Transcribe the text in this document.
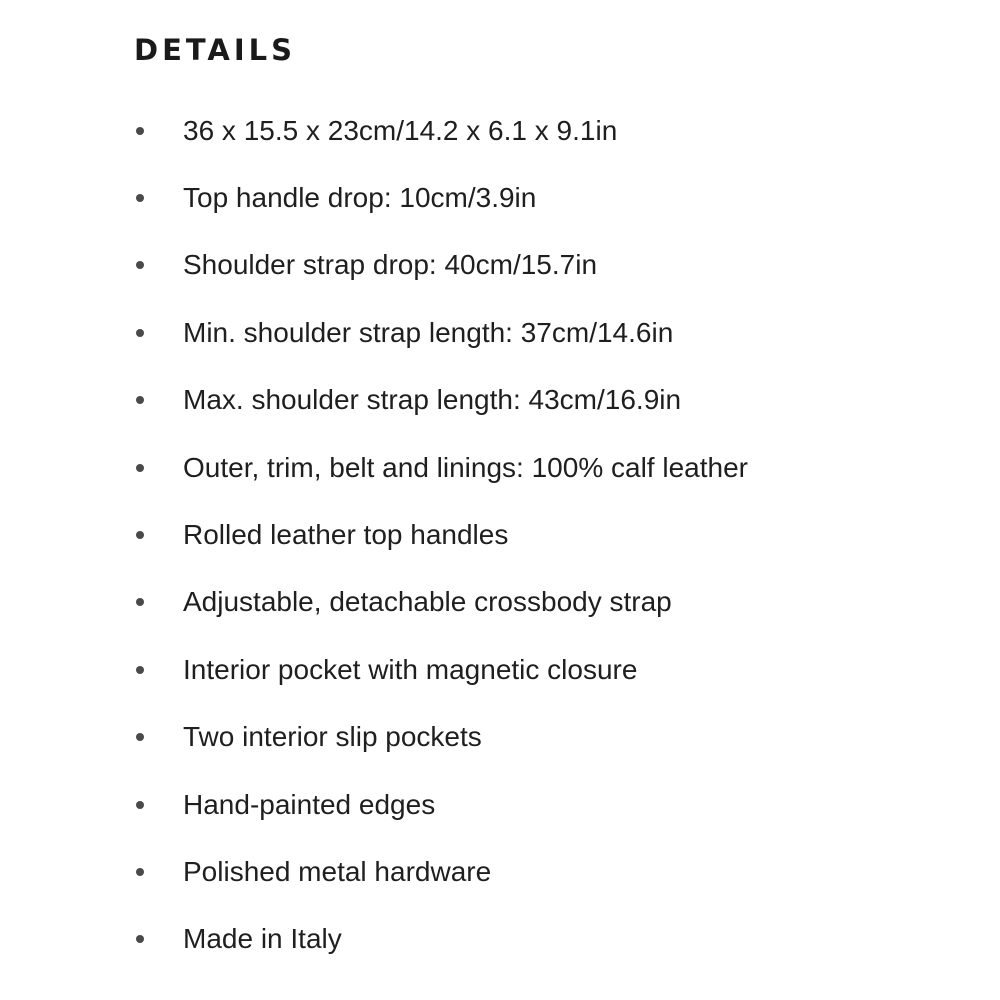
DETAILS
36 x 15.5 x 23cm/14.2 x 6.1 x 9.1in
Top handle drop: 10cm/3.9in
Shoulder strap drop: 40cm/15.7in
Min. shoulder strap length: 37cm/14.6in
Max. shoulder strap length: 43cm/16.9in
Outer, trim, belt and linings: 100% calf leather
Rolled leather top handles
Adjustable, detachable crossbody strap
Interior pocket with magnetic closure
Two interior slip pockets
Hand-painted edges
Polished metal hardware
Made in Italy
